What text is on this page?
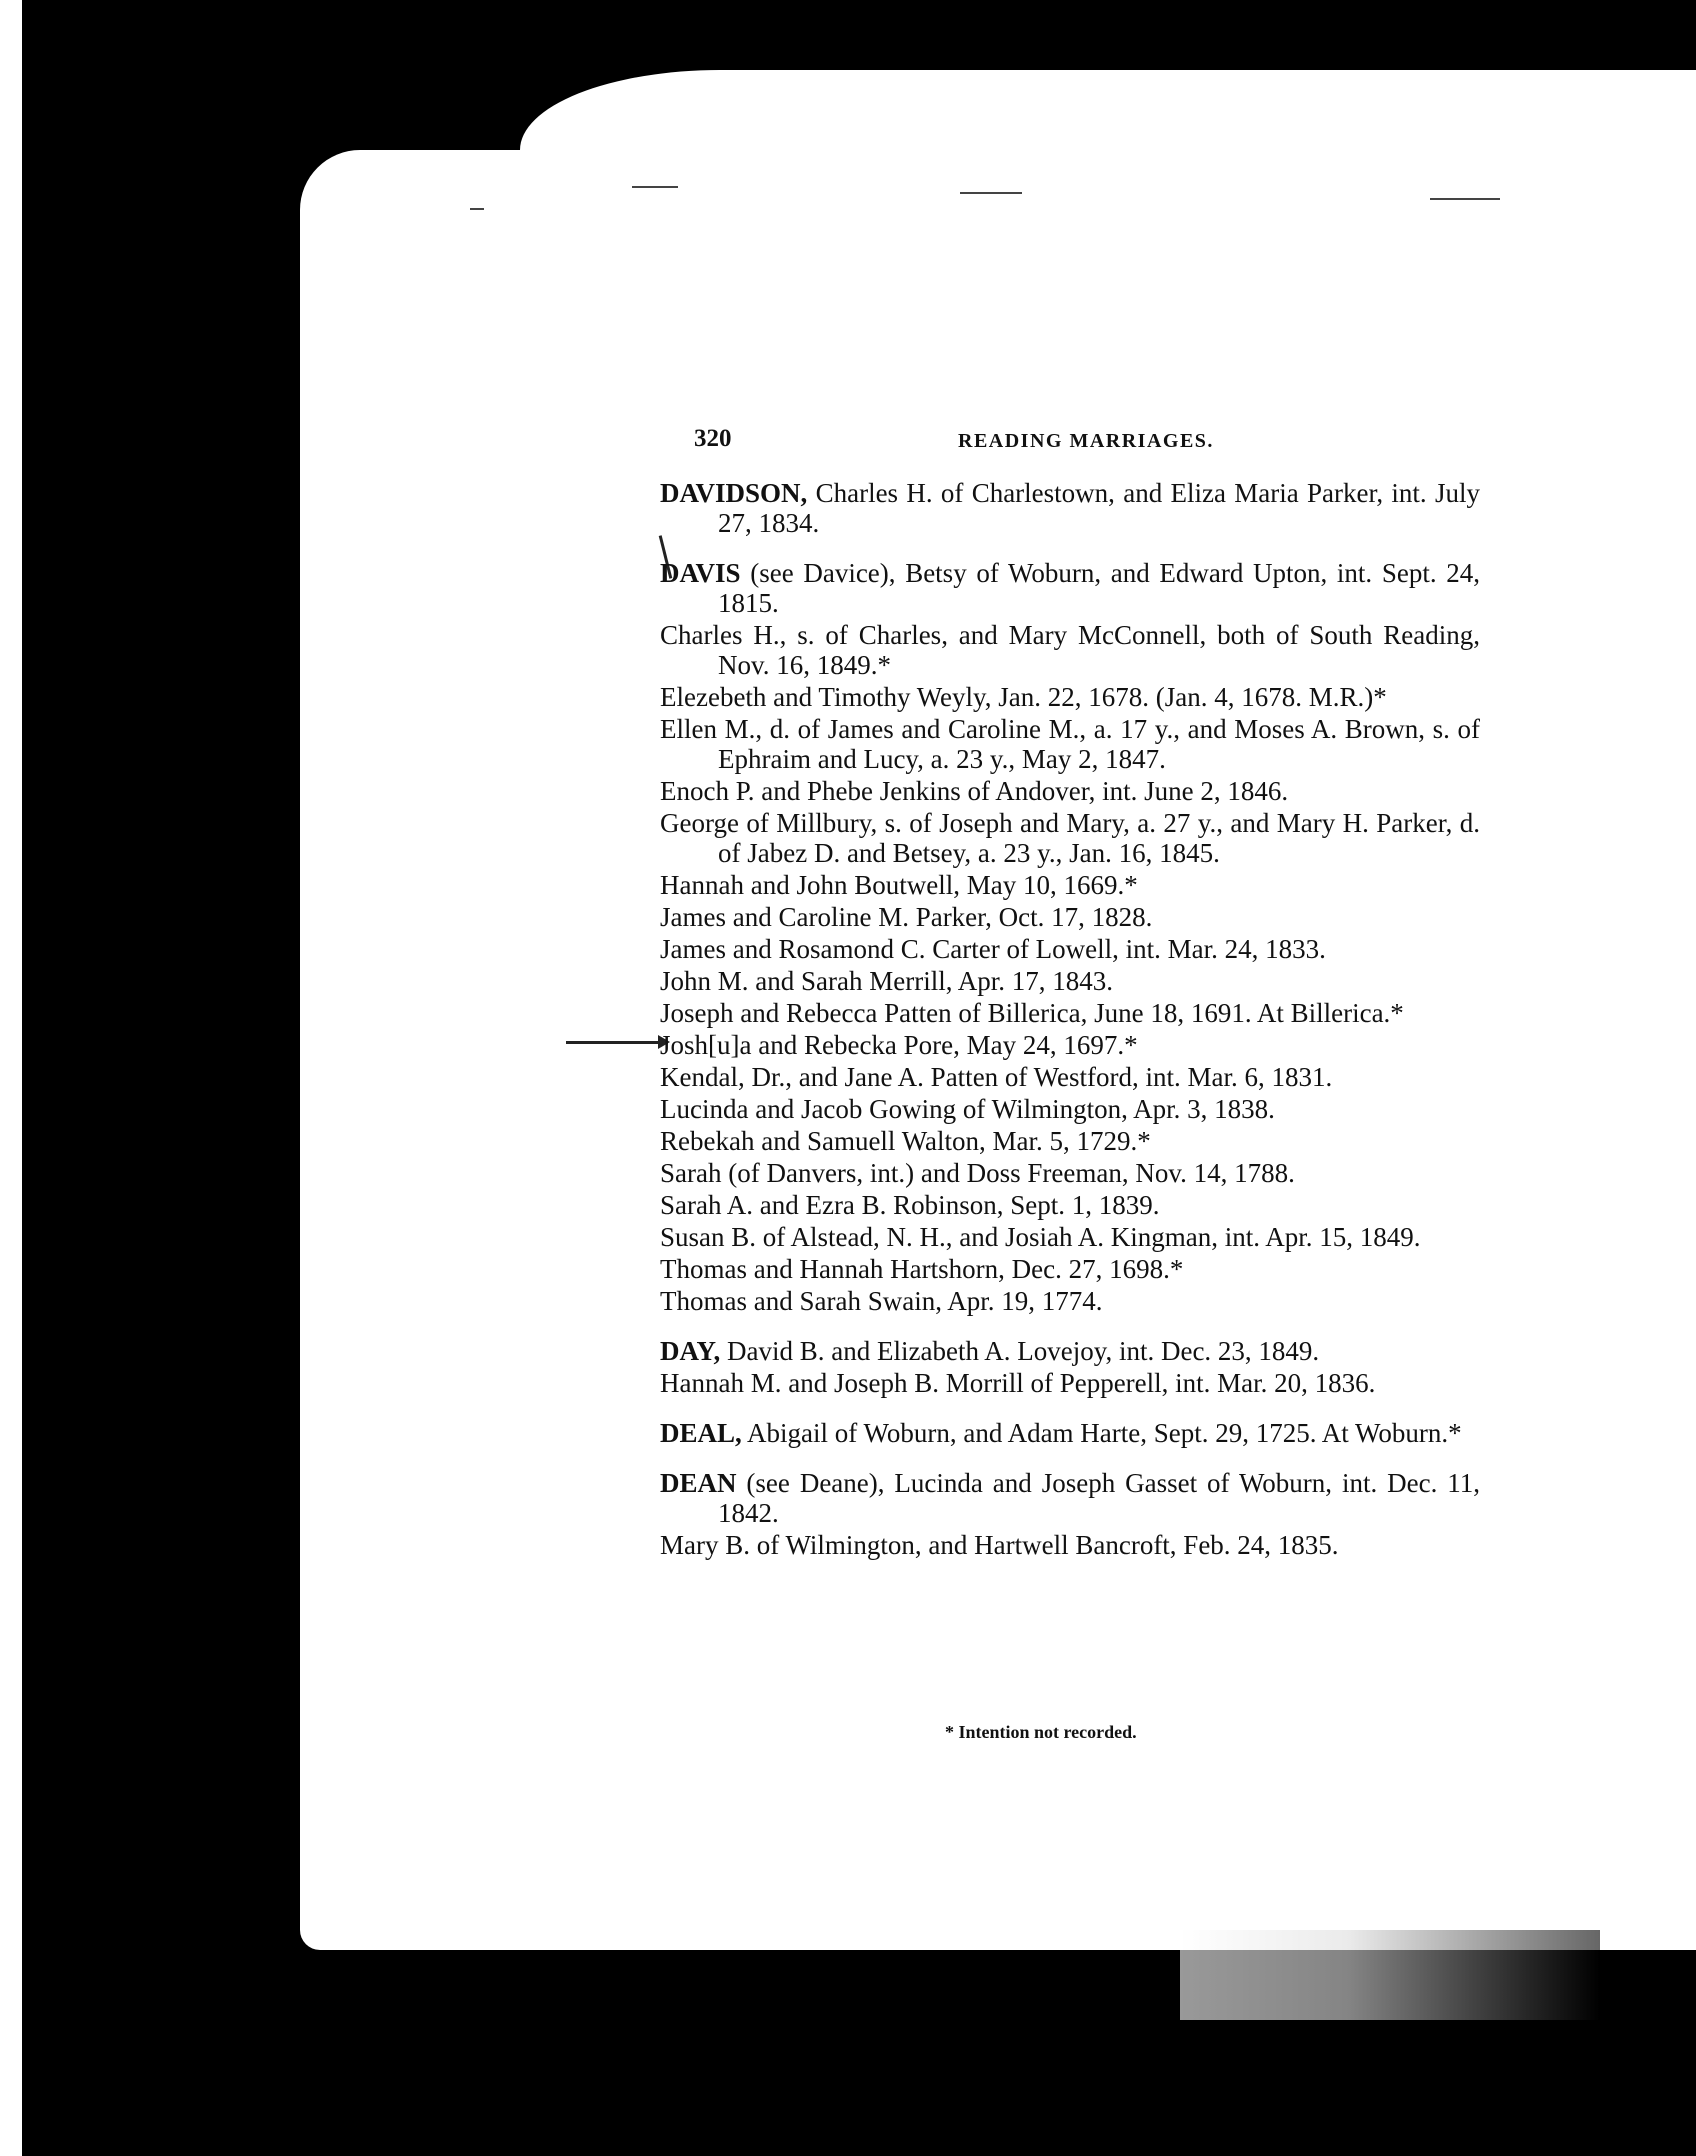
320	READING MARRIAGES.

DAVIDSON, Charles H. of Charlestown, and Eliza Maria Parker, int. July 27, 1834.

DAVIS (see Davice), Betsy of Woburn, and Edward Upton, int. Sept. 24, 1815.

Charles H., s. of Charles, and Mary McConnell, both of South Reading, Nov. 16, 1849.*

Elezebeth and Timothy Weyly, Jan. 22, 1678. (Jan. 4, 1678. M.R.)*

Ellen M., d. of James and Caroline M., a. 17 y., and Moses A. Brown, s. of Ephraim and Lucy, a. 23 y., May 2, 1847.

Enoch P. and Phebe Jenkins of Andover, int. June 2, 1846.

George of Millbury, s. of Joseph and Mary, a. 27 y., and Mary H. Parker, d. of Jabez D. and Betsey, a. 23 y., Jan. 16, 1845.

Hannah and John Boutwell, May 10, 1669.*

James and Caroline M. Parker, Oct. 17, 1828.

James and Rosamond C. Carter of Lowell, int. Mar. 24, 1833.

John M. and Sarah Merrill, Apr. 17, 1843.

Joseph and Rebecca Patten of Billerica, June 18, 1691. At Billerica.*

Josh[u]a and Rebecka Pore, May 24, 1697.*

Kendal, Dr., and Jane A. Patten of Westford, int. Mar. 6, 1831.

Lucinda and Jacob Gowing of Wilmington, Apr. 3, 1838.

Rebekah and Samuell Walton, Mar. 5, 1729.*

Sarah (of Danvers, int.) and Doss Freeman, Nov. 14, 1788.

Sarah A. and Ezra B. Robinson, Sept. 1, 1839.

Susan B. of Alstead, N. H., and Josiah A. Kingman, int. Apr. 15, 1849.

Thomas and Hannah Hartshorn, Dec. 27, 1698.*

Thomas and Sarah Swain, Apr. 19, 1774.

DAY, David B. and Elizabeth A. Lovejoy, int. Dec. 23, 1849.

Hannah M. and Joseph B. Morrill of Pepperell, int. Mar. 20, 1836.

DEAL, Abigail of Woburn, and Adam Harte, Sept. 29, 1725. At Woburn.*

DEAN (see Deane), Lucinda and Joseph Gasset of Woburn, int. Dec. 11, 1842.

Mary B. of Wilmington, and Hartwell Bancroft, Feb. 24, 1835.

* Intention not recorded.
